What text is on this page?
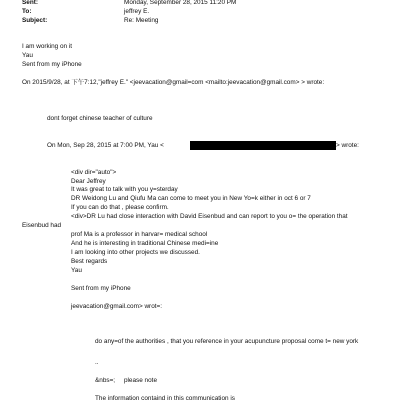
Sent:	Monday, September 28, 2015 11:20 PM
To:	jeffrey E.
Subject:	Re: Meeting
I am working on it
Yau
Sent from my iPhone
On 2015/9/28, at 下午7:12,"jeffrey E." <jeevacation@gmail=com <mailto:jeevacation@gmail.com> > wrote:
dont forget chinese teacher of culture
On Mon, Sep 28, 2015 at 7:00 PM, Yau <	> wrote:
<div dir="auto">
Dear Jeffrey
It was great to talk with you y=sterday
DR Weidong Lu and Qiufu Ma can come to meet you in New Yo=k either in oct 6 or 7
If you can do that , please confirm.
<div>DR Lu had close interaction with David Eisenbud and can report to you o= the operation that
Eisenbud had
prof Ma is a professor in harvar= medical school
And he is interesting in traditional Chinese medi=ine
I am looking into other projects we discussed.
Best regards
Yau
Sent from my iPhone
jeevacation@gmail.com> wrot=:
do any=of the authorities , that you reference in your acupuncture proposal come t= new york
..
&nbs=;     please note
The information containd in this communication is
